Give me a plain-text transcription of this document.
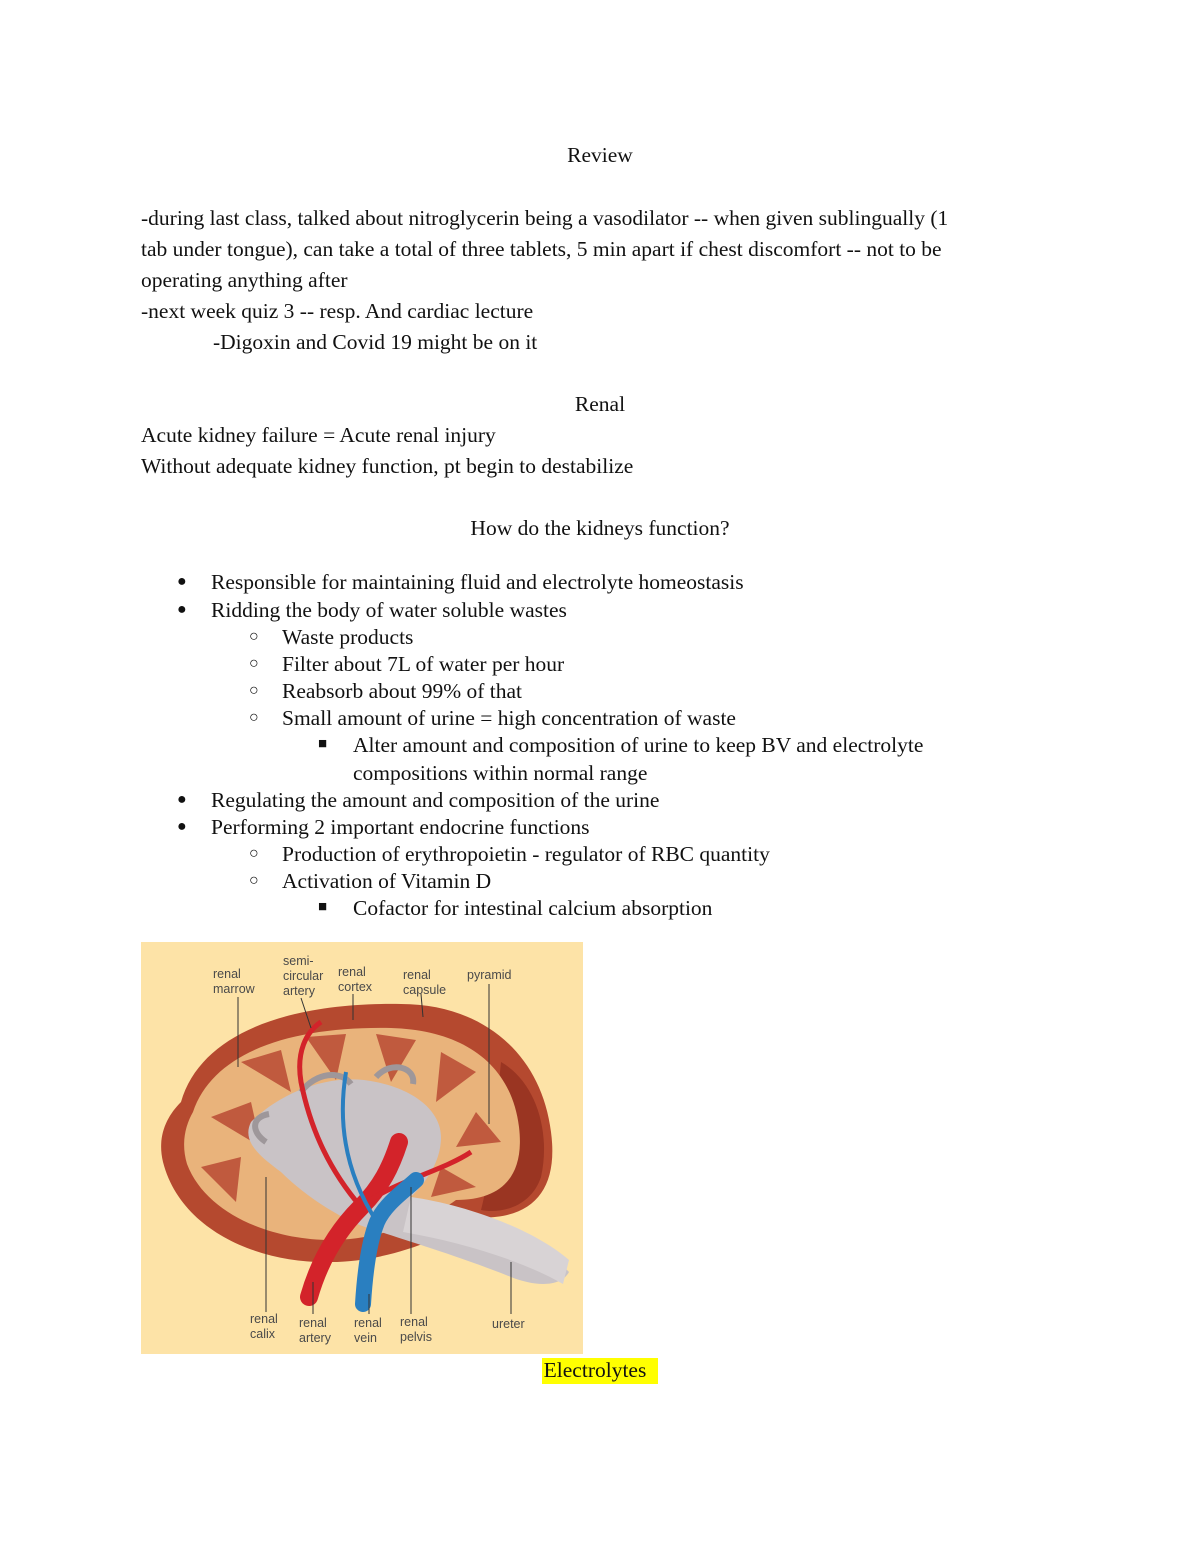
Review
-during last class, talked about nitroglycerin being a vasodilator -- when given sublingually (1
tab under tongue), can take a total of three tablets, 5 min apart if chest discomfort -- not to be
operating anything after
-next week quiz 3 -- resp. And cardiac lecture
-Digoxin and Covid 19 might be on it
Renal
Acute kidney failure = Acute renal injury
Without adequate kidney function, pt begin to destabilize
How do the kidneys function?
● Responsible for maintaining fluid and electrolyte homeostasis
● Ridding the body of water soluble wastes
○ Waste products
○ Filter about 7L of water per hour
○ Reabsorb about 99% of that
○ Small amount of urine = high concentration of waste
■ Alter amount and composition of urine to keep BV and electrolyte
compositions within normal range
● Regulating the amount and composition of the urine
● Performing 2 important endocrine functions
○ Production of erythropoietin - regulator of RBC quantity
○ Activation of Vitamin D
■ Cofactor for intestinal calcium absorption
renal marrow
semi- circular artery
renal cortex
renal capsule
pyramid
renal calix
renal artery
renal vein
renal pelvis
ureter
Electrolytes
